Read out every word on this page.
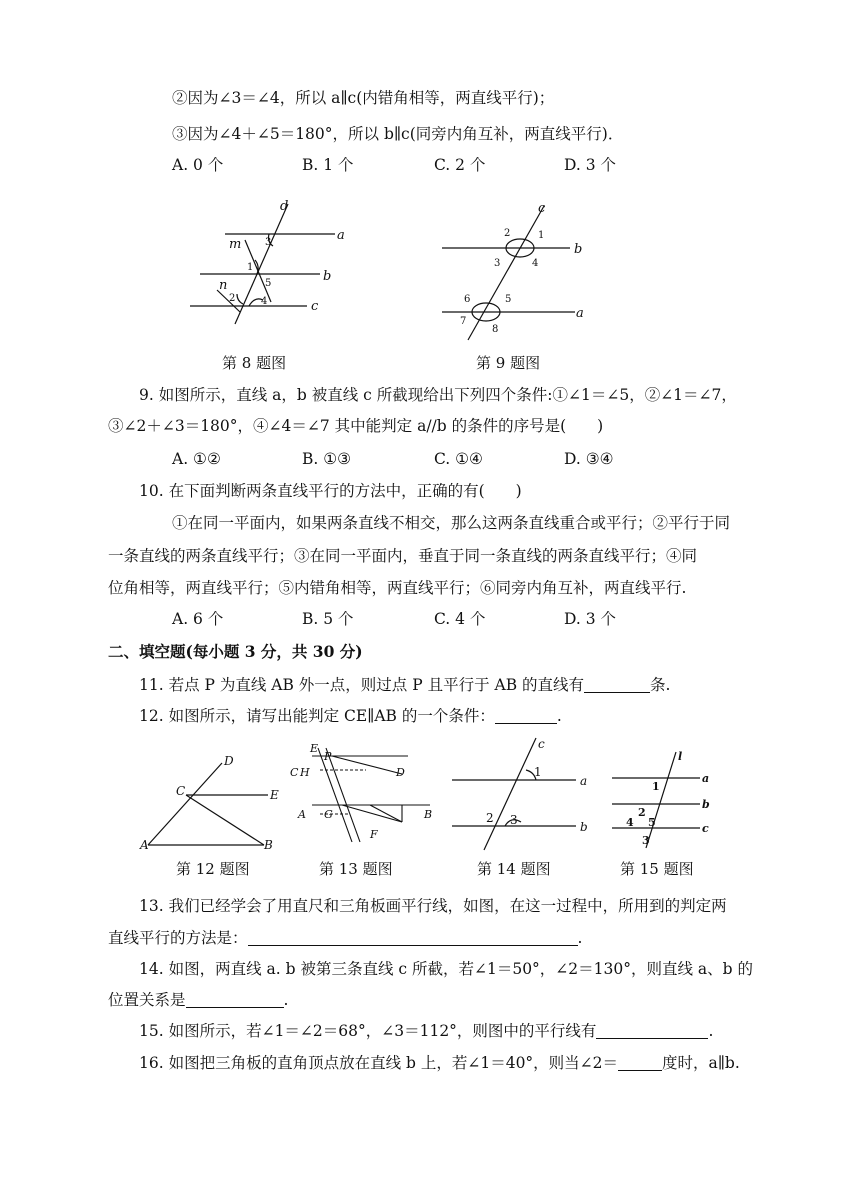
②因为∠3＝∠4，所以 a∥c(内错角相等，两直线平行)；
③因为∠4＋∠5＝180°，所以 b∥c(同旁内角互补，两直线平行)．
A. 0 个	B. 1 个	C. 2 个	D. 3 个
d
a
b
c
m
n
3
1
5
2	4
第 8 题图
c
b
a
2	1
3	4
6	5
7
8
第 9 题图
9. 如图所示，直线 a，b 被直线 c 所截现给出下列四个条件:①∠1＝∠5，②∠1＝∠7，
③∠2＋∠3＝180°，④∠4＝∠7 其中能判定 a//b 的条件的序号是(　　)
A. ①②	B. ①③	C. ①④	D. ③④
10. 在下面判断两条直线平行的方法中，正确的有(　　)
①在同一平面内，如果两条直线不相交，那么这两条直线重合或平行；②平行于同
一条直线的两条直线平行；③在同一平面内，垂直于同一条直线的两条直线平行；④同
位角相等，两直线平行；⑤内错角相等，两直线平行；⑥同旁内角互补，两直线平行.
A. 6 个	B. 5 个	C. 4 个	D. 3 个
二、填空题(每小题 3 分，共 30 分)
11. 若点 P 为直线 AB 外一点，则过点 P 且平行于 AB 的直线有	条.
12. 如图所示，请写出能判定 CE∥AB 的一个条件：	.
A	B
C
D
E
第 12 题图
E
P
C H	D
A G	B
F
第 13 题图
c
a
b
1
2 3
第 14 题图
l
a
b
c
1
2
4 5
3
第 15 题图
13. 我们已经学会了用直尺和三角板画平行线，如图，在这一过程中，所用到的判定两
直线平行的方法是：	.
14. 如图，两直线 a. b 被第三条直线 c 所截，若∠1＝50°，∠2＝130°，则直线 a、b 的
位置关系是	.
15. 如图所示，若∠1＝∠2＝68°，∠3＝112°，则图中的平行线有	.
16. 如图把三角板的直角顶点放在直线 b 上，若∠1＝40°，则当∠2＝	度时，a∥b.
